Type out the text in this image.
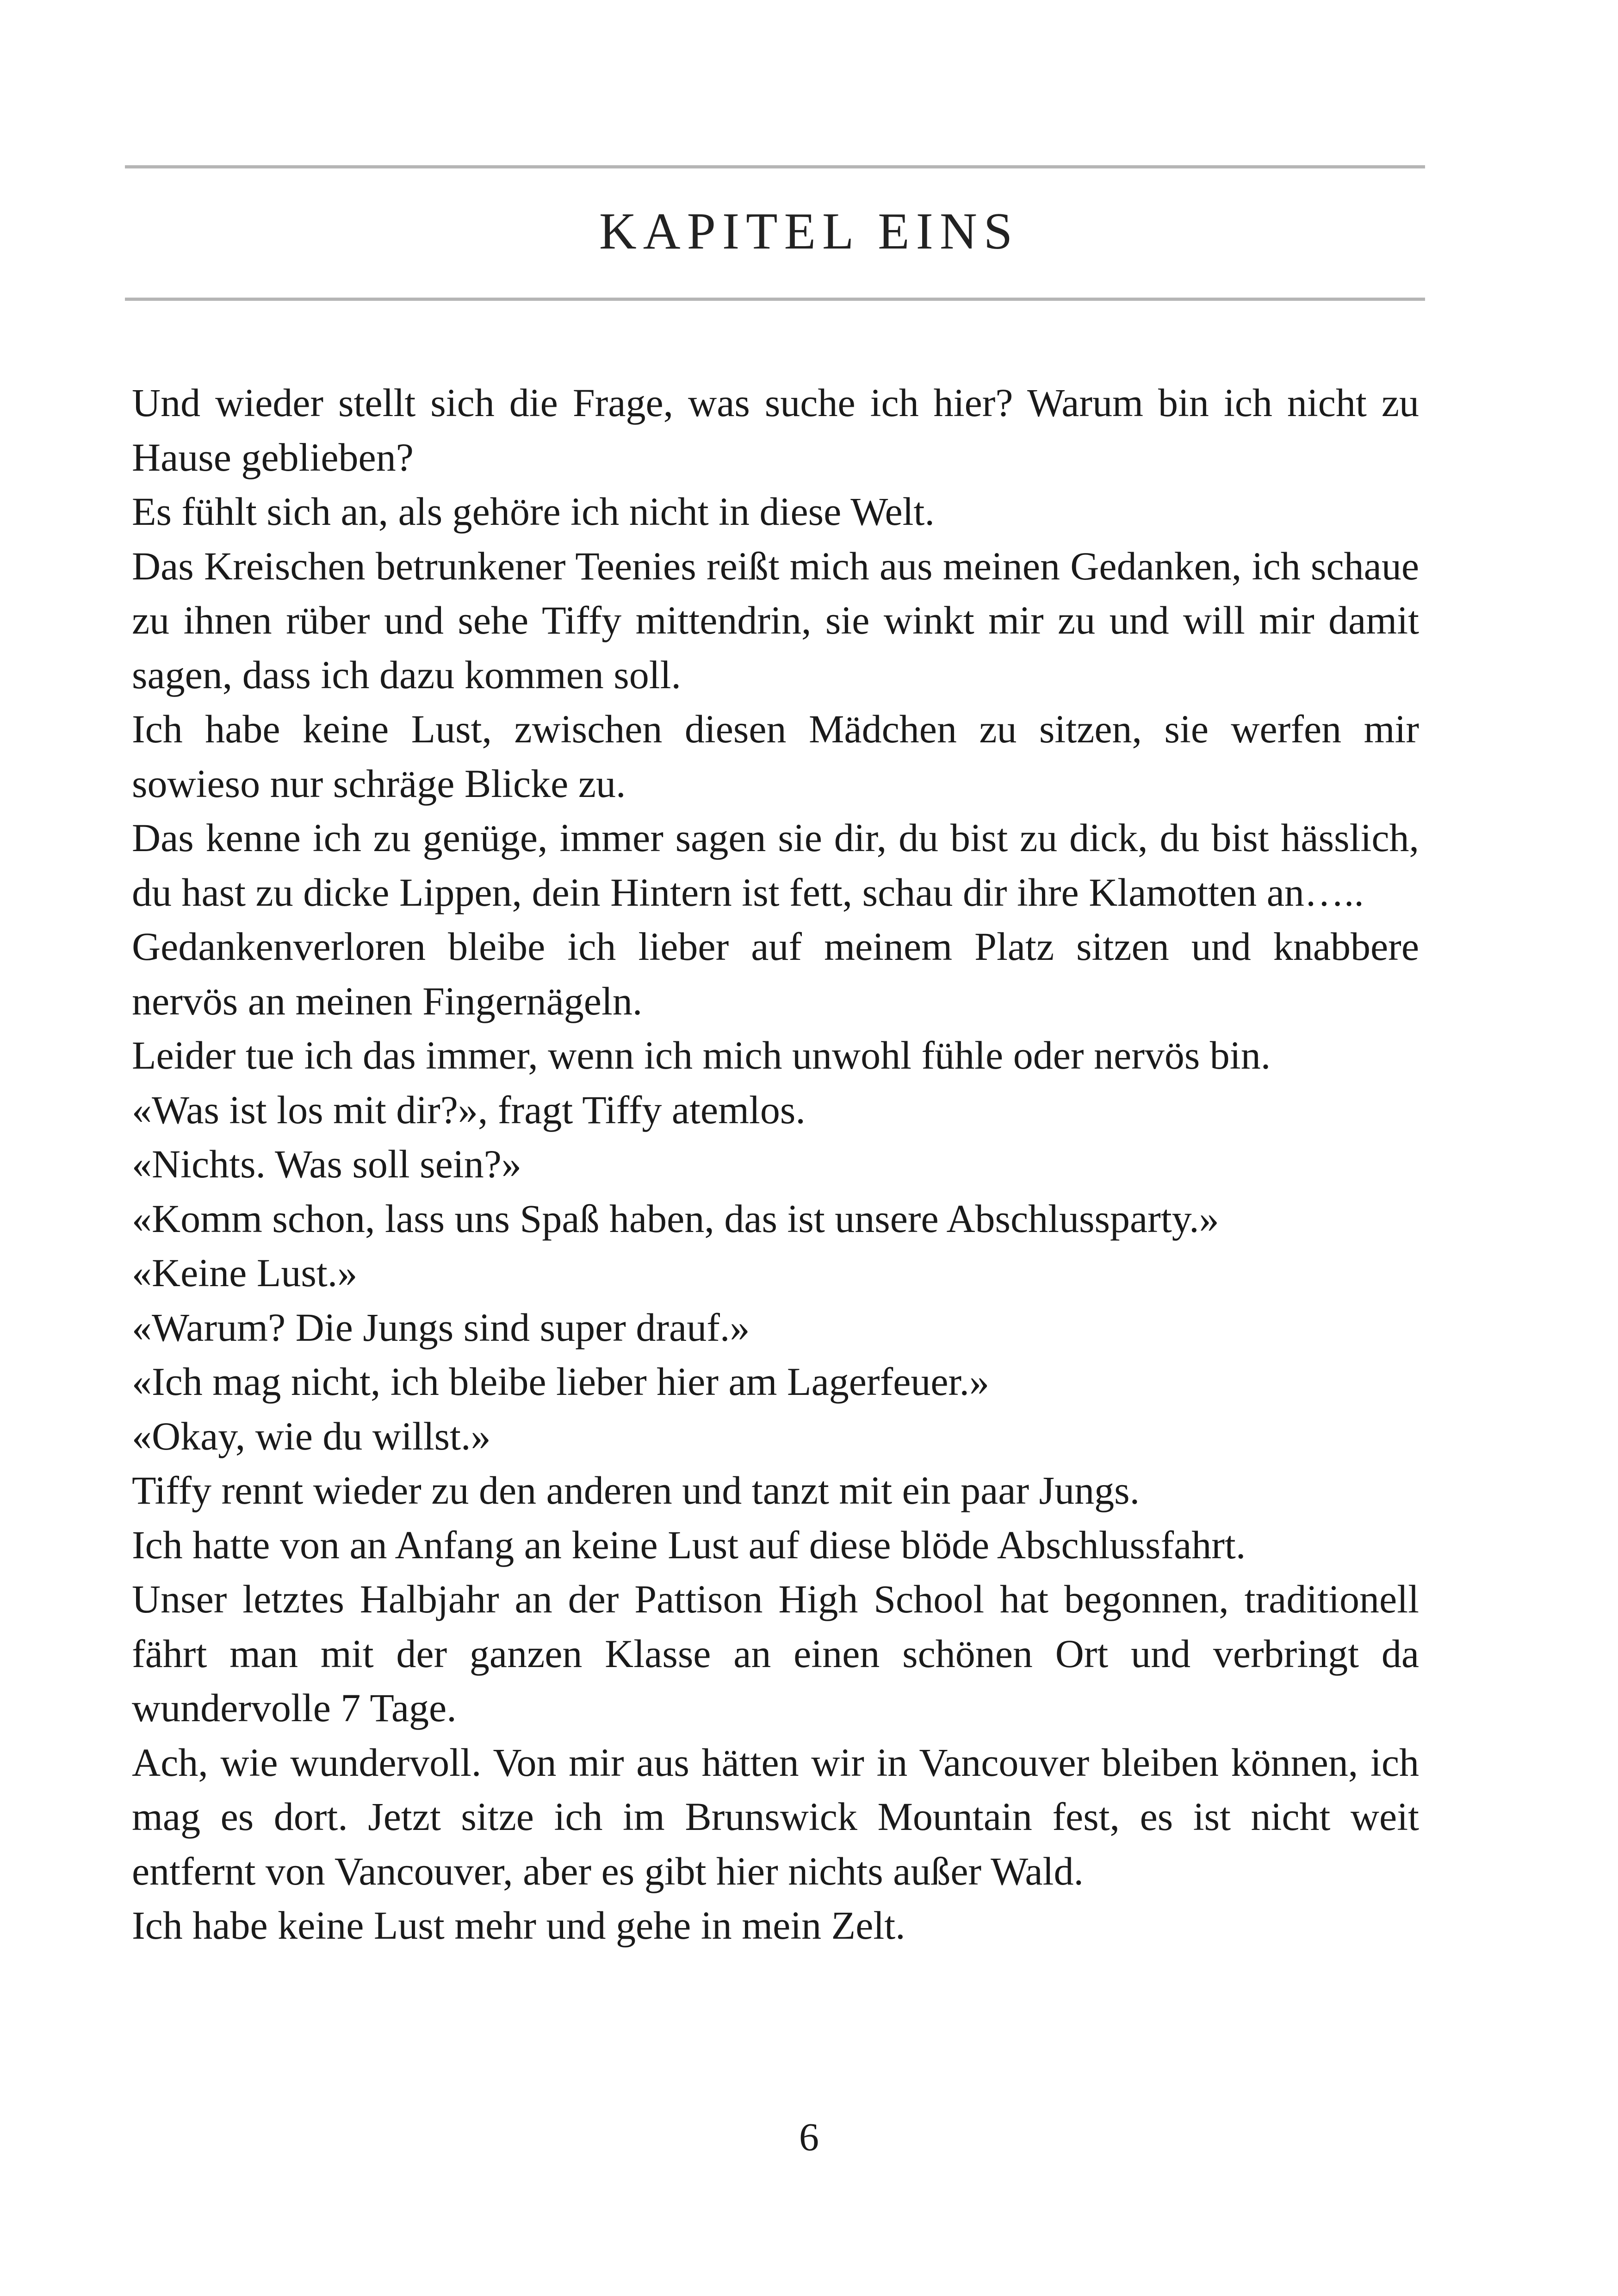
KAPITEL EINS

Und wieder stellt sich die Frage, was suche ich hier? Warum bin ich nicht zu Hause geblieben?

Es fühlt sich an, als gehöre ich nicht in diese Welt.

Das Kreischen betrunkener Teenies reißt mich aus meinen Gedanken, ich schaue zu ihnen rüber und sehe Tiffy mittendrin, sie winkt mir zu und will mir damit sagen, dass ich dazu kommen soll.

Ich habe keine Lust, zwischen diesen Mädchen zu sitzen, sie werfen mir sowieso nur schräge Blicke zu.

Das kenne ich zu genüge, immer sagen sie dir, du bist zu dick, du bist hässlich, du hast zu dicke Lippen, dein Hintern ist fett, schau dir ihre Klamotten an…..

Gedankenverloren bleibe ich lieber auf meinem Platz sitzen und knabbere nervös an meinen Fingernägeln.

Leider tue ich das immer, wenn ich mich unwohl fühle oder nervös bin.

«Was ist los mit dir?», fragt Tiffy atemlos.

«Nichts. Was soll sein?»

«Komm schon, lass uns Spaß haben, das ist unsere Abschlussparty.»

«Keine Lust.»

«Warum? Die Jungs sind super drauf.»

«Ich mag nicht, ich bleibe lieber hier am Lagerfeuer.»

«Okay, wie du willst.»

Tiffy rennt wieder zu den anderen und tanzt mit ein paar Jungs.

Ich hatte von an Anfang an keine Lust auf diese blöde Abschlussfahrt.

Unser letztes Halbjahr an der Pattison High School hat begonnen, traditionell fährt man mit der ganzen Klasse an einen schönen Ort und verbringt da wundervolle 7 Tage.

Ach, wie wundervoll. Von mir aus hätten wir in Vancouver bleiben können, ich mag es dort. Jetzt sitze ich im Brunswick Mountain fest, es ist nicht weit entfernt von Vancouver, aber es gibt hier nichts außer Wald.

Ich habe keine Lust mehr und gehe in mein Zelt.

6
